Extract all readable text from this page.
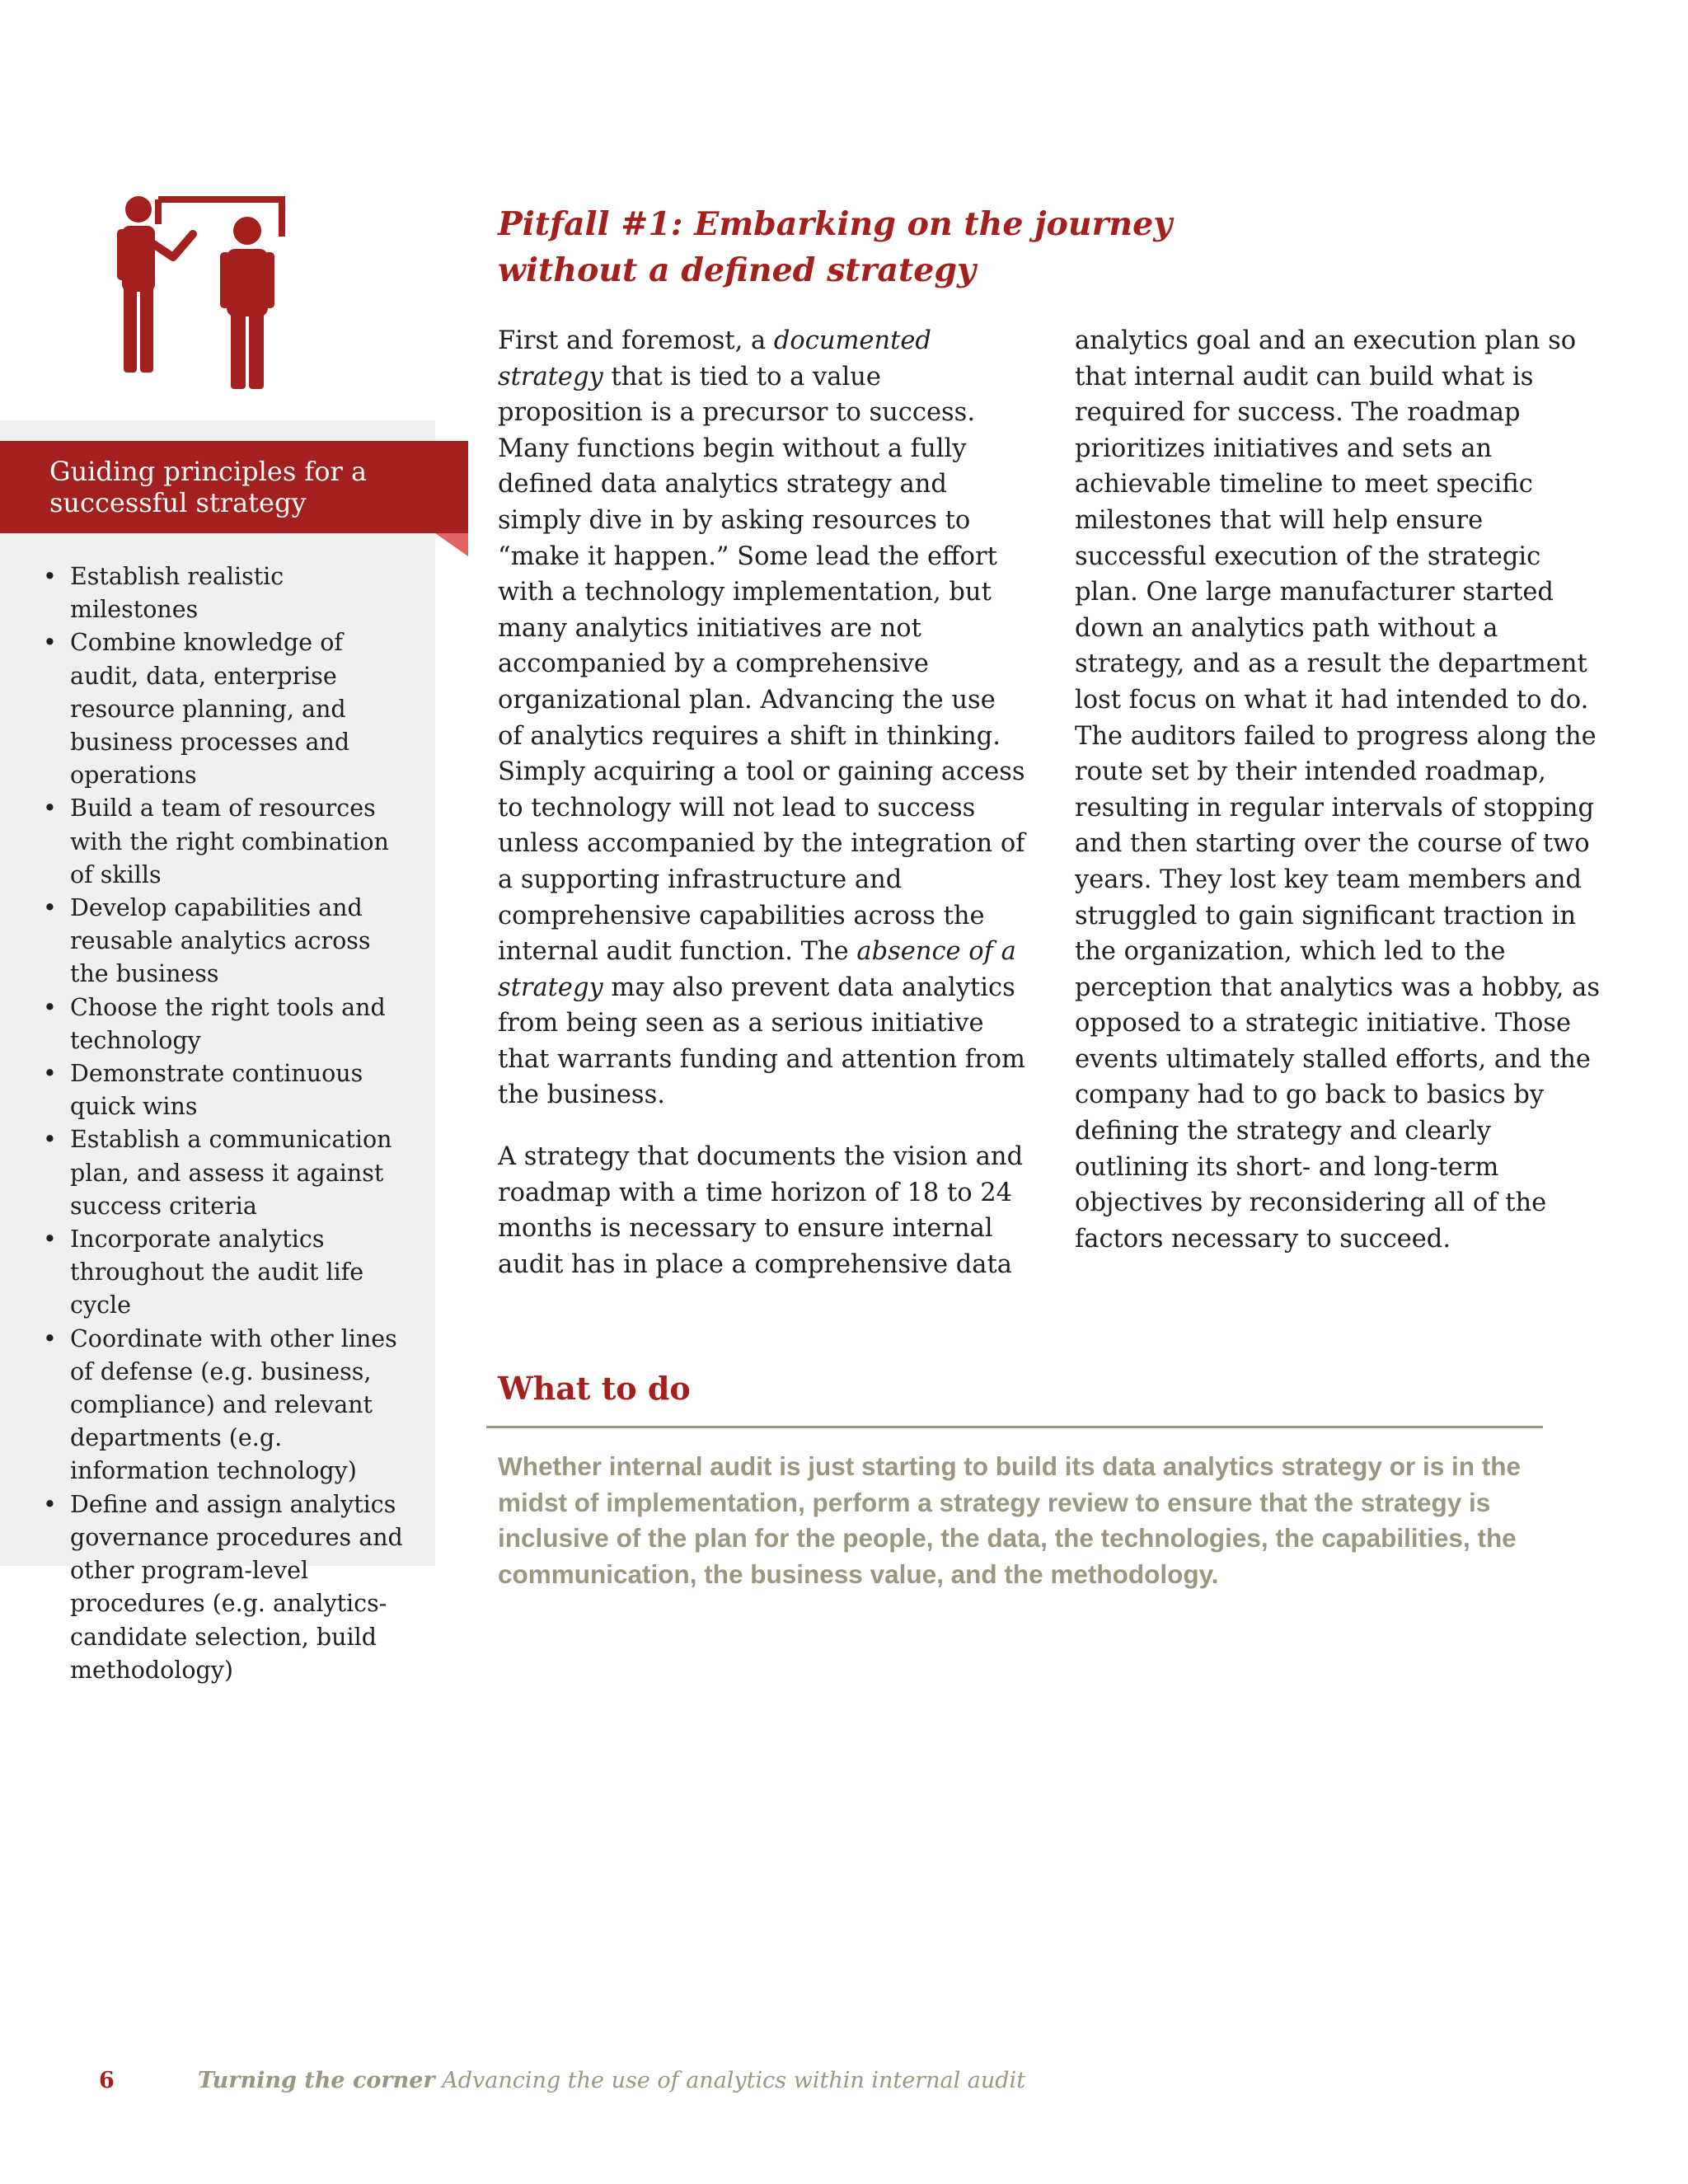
Guiding principles for a successful strategy
• Establish realistic milestones
• Combine knowledge of audit, data, enterprise resource planning, and business processes and operations
• Build a team of resources with the right combination of skills
• Develop capabilities and reusable analytics across the business
• Choose the right tools and technology
• Demonstrate continuous quick wins
• Establish a communication plan, and assess it against success criteria
• Incorporate analytics throughout the audit life cycle
• Coordinate with other lines of defense (e.g. business, compliance) and relevant departments (e.g. information technology)
• Define and assign analytics governance procedures and other program-level procedures (e.g. analytics-candidate selection, build methodology)
Pitfall #1: Embarking on the journey without a defined strategy

First and foremost, a documented strategy that is tied to a value proposition is a precursor to success. Many functions begin without a fully defined data analytics strategy and simply dive in by asking resources to “make it happen.” Some lead the effort with a technology implementation, but many analytics initiatives are not accompanied by a comprehensive organizational plan. Advancing the use of analytics requires a shift in thinking. Simply acquiring a tool or gaining access to technology will not lead to success unless accompanied by the integration of a supporting infrastructure and comprehensive capabilities across the internal audit function. The absence of a strategy may also prevent data analytics from being seen as a serious initiative that warrants funding and attention from the business.

A strategy that documents the vision and roadmap with a time horizon of 18 to 24 months is necessary to ensure internal audit has in place a comprehensive data

analytics goal and an execution plan so that internal audit can build what is required for success. The roadmap prioritizes initiatives and sets an achievable timeline to meet specific milestones that will help ensure successful execution of the strategic plan. One large manufacturer started down an analytics path without a strategy, and as a result the department lost focus on what it had intended to do. The auditors failed to progress along the route set by their intended roadmap, resulting in regular intervals of stopping and then starting over the course of two years. They lost key team members and struggled to gain significant traction in the organization, which led to the perception that analytics was a hobby, as opposed to a strategic initiative. Those events ultimately stalled efforts, and the company had to go back to basics by defining the strategy and clearly outlining its short- and long-term objectives by reconsidering all of the factors necessary to succeed.

What to do

Whether internal audit is just starting to build its data analytics strategy or is in the midst of implementation, perform a strategy review to ensure that the strategy is inclusive of the plan for the people, the data, the technologies, the capabilities, the communication, the business value, and the methodology.

6	Turning the corner Advancing the use of analytics within internal audit
